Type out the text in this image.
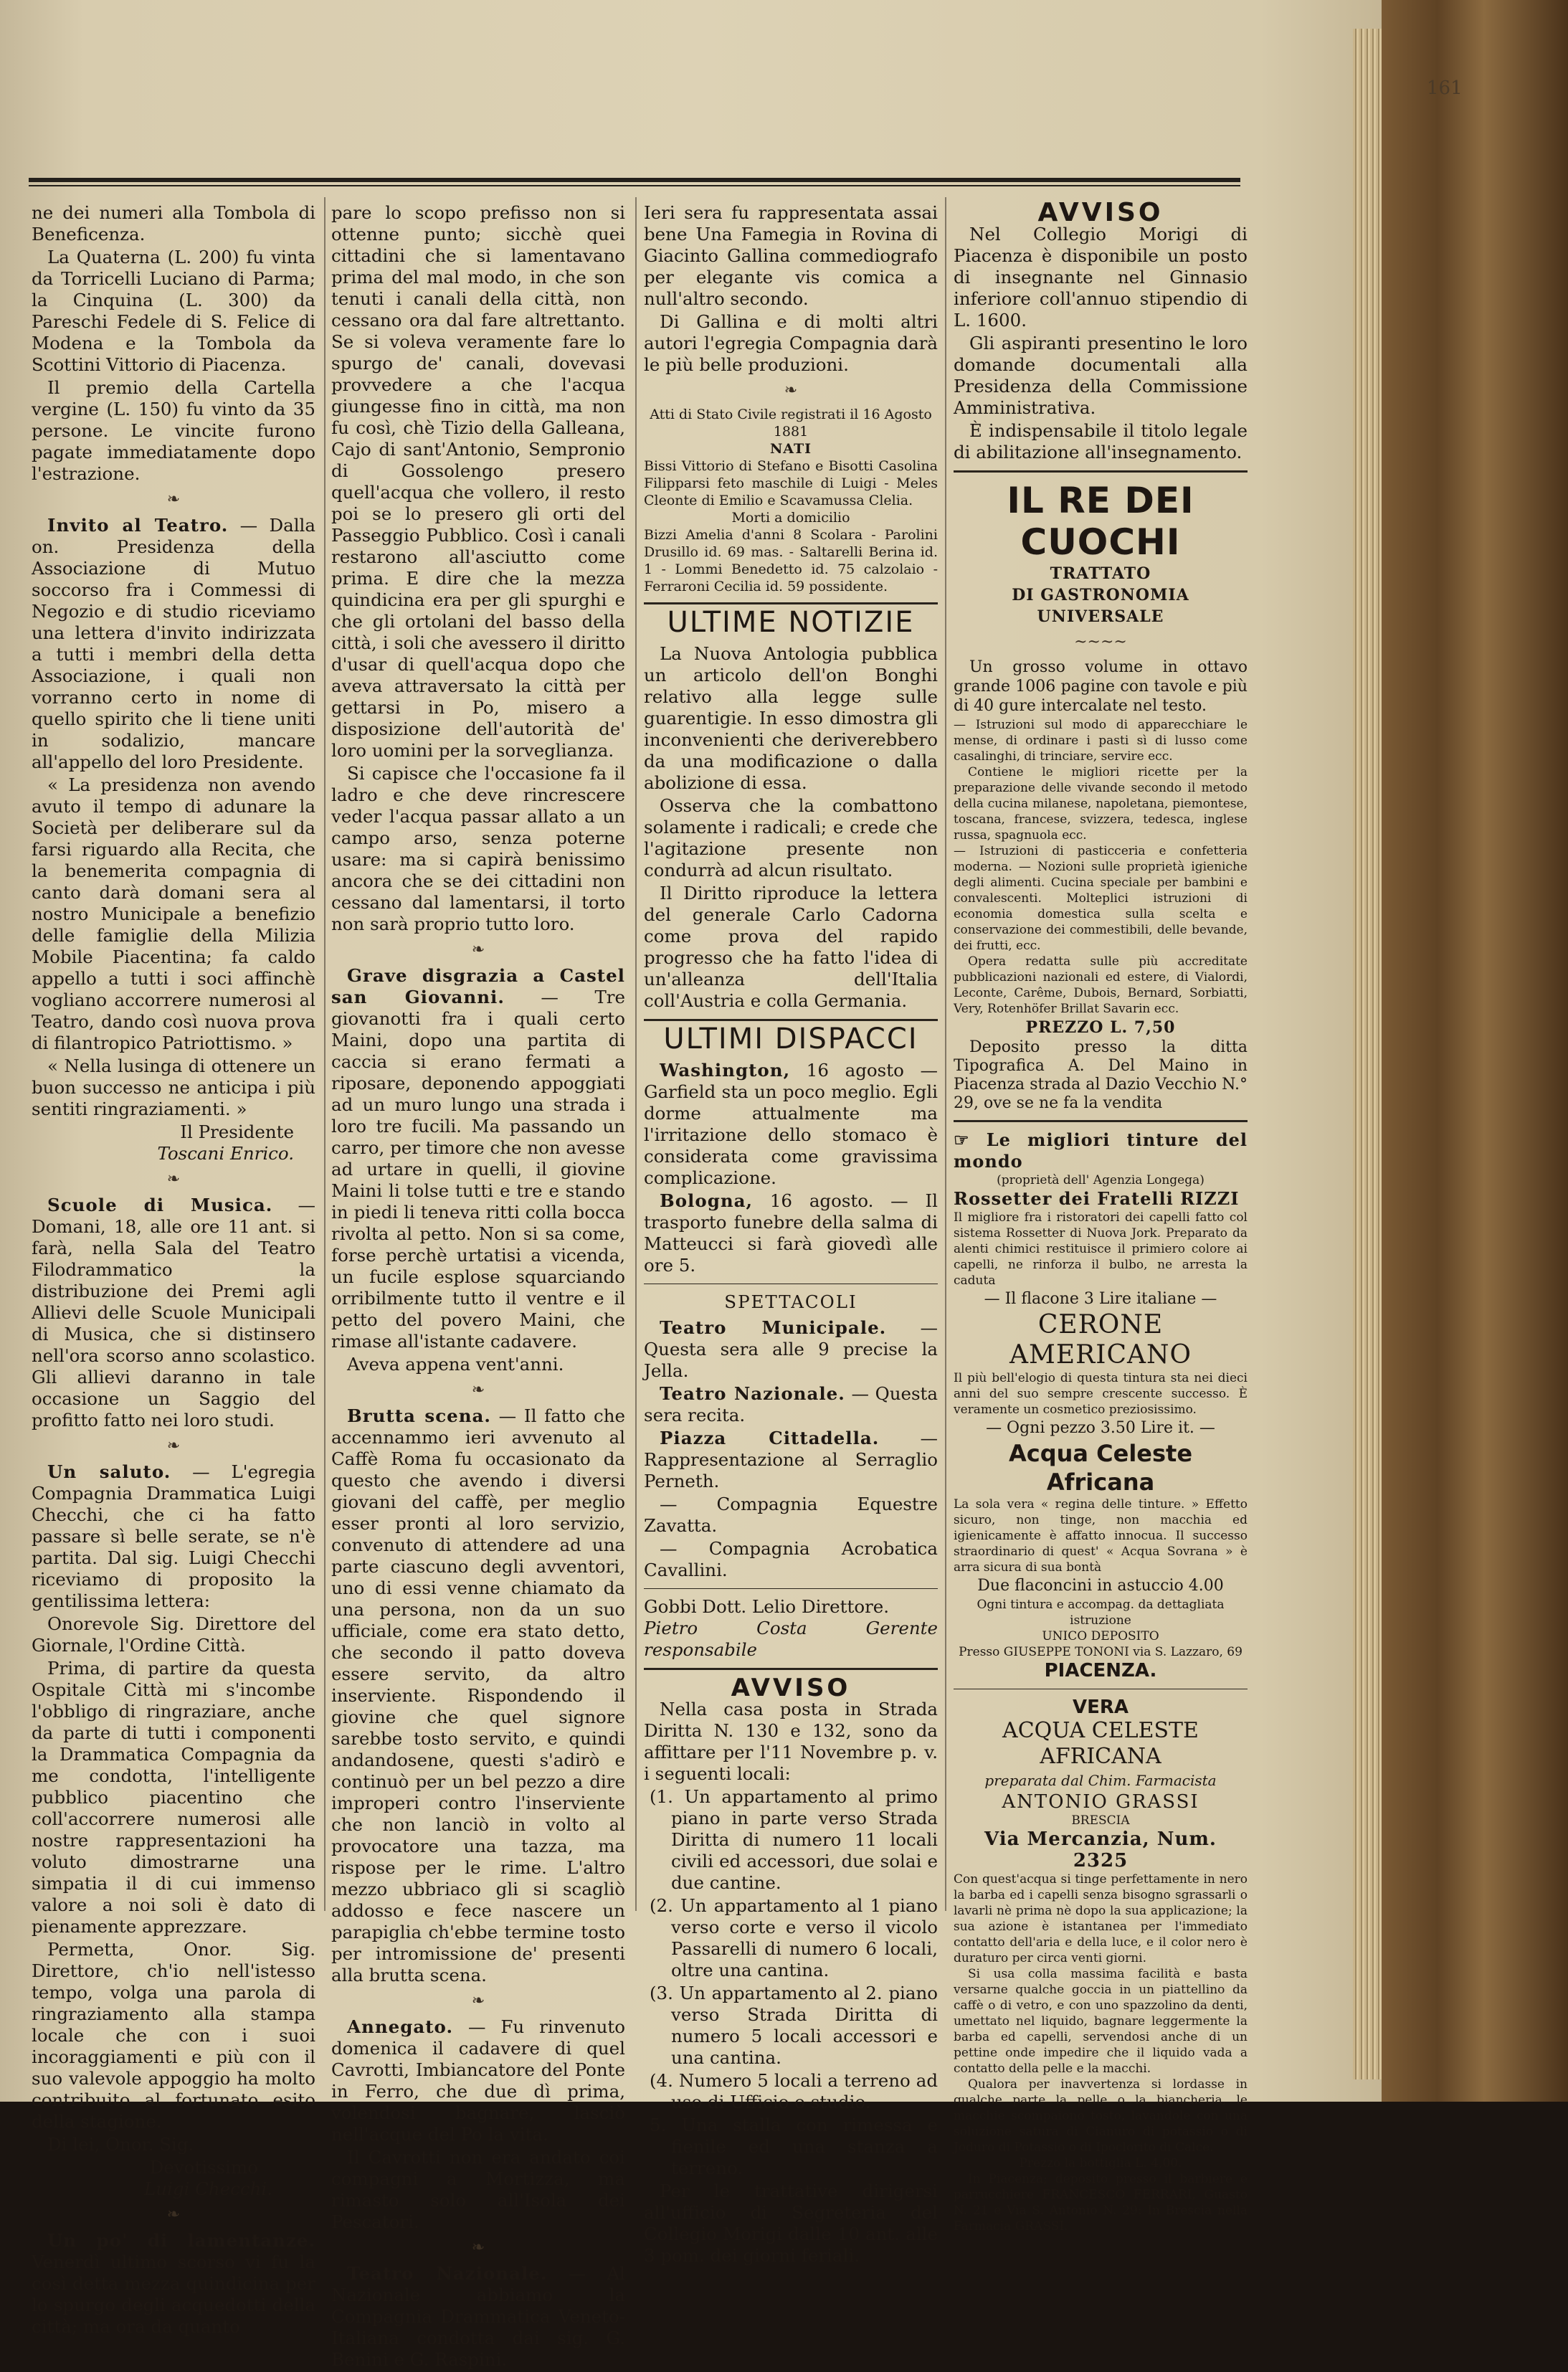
161

ne dei numeri alla Tombola di Beneficenza.

La Quaterna (L. 200) fu vinta da Torricelli Luciano di Parma; la Cinquina (L. 300) da Pareschi Fedele di S. Felice di Modena e la Tombola da Scottini Vittorio di Piacenza.

Il premio della Cartella vergine (L. 150) fu vinto da 35 persone. Le vincite furono pagate immediatamente dopo l'estrazione.

❧

Invito al Teatro. — Dalla on. Presidenza della Associazione di Mutuo soccorso fra i Commessi di Negozio e di studio riceviamo una lettera d'invito indirizzata a tutti i membri della detta Associazione, i quali non vorranno certo in nome di quello spirito che li tiene uniti in sodalizio, mancare all'appello del loro Presidente.

« La presidenza non avendo avuto il tempo di adunare la Società per deliberare sul da farsi riguardo alla Recita, che la benemerita compagnia di canto darà domani sera al nostro Municipale a benefizio delle famiglie della Milizia Mobile Piacentina; fa caldo appello a tutti i soci affinchè vogliano accorrere numerosi al Teatro, dando così nuova prova di filantropico Patriottismo. »

« Nella lusinga di ottenere un buon successo ne anticipa i più sentiti ringraziamenti. »

Il Presidente
Toscani Enrico.
❧

Scuole di Musica. — Domani, 18, alle ore 11 ant. si farà, nella Sala del Teatro Filodrammatico la distribuzione dei Premi agli Allievi delle Scuole Municipali di Musica, che si distinsero nell'ora scorso anno scolastico. Gli allievi daranno in tale occasione un Saggio del profitto fatto nei loro studi.

❧

Un saluto. — L'egregia Compagnia Drammatica Luigi Checchi, che ci ha fatto passare sì belle serate, se n'è partita. Dal sig. Luigi Checchi riceviamo di proposito la gentilissima lettera:

Onorevole Sig. Direttore del Giornale, l'Ordine Città.

Prima, di partire da questa Ospitale Città mi s'incombe l'obbligo di ringraziare, anche da parte di tutti i componenti la Drammatica Compagnia da me condotta, l'intelligente pubblico piacentino che coll'accorrere numerosi alle nostre rappresentazioni ha voluto dimostrarne una simpatia il di cui immenso valore a noi soli è dato di pienamente apprezzare.

Permetta, Onor. Sig. Direttore, ch'io nell'istesso tempo, volga una parola di ringraziamento alla stampa locale che con i suoi incoraggiamenti e più con il suo valevole appoggio ha molto contribuito al fortunato esito della stagione.

Di lei, Onor. Sig.

Devotissimo
Luigi Checchi.
❧

Un po' di lamentanze. Venerdì ultimo scorso vi fu la così detta mezza quindicina per lo spurgo degli acquedotti della città; ma ora da quanto

pare lo scopo prefisso non si ottenne punto; sicchè quei cittadini che si lamentavano prima del mal modo, in che son tenuti i canali della città, non cessano ora dal fare altrettanto. Se si voleva veramente fare lo spurgo de' canali, dovevasi provvedere a che l'acqua giungesse fino in città, ma non fu così, chè Tizio della Galleana, Cajo di sant'Antonio, Sempronio di Gossolengo presero quell'acqua che vollero, il resto poi se lo presero gli orti del Passeggio Pubblico. Così i canali restarono all'asciutto come prima. E dire che la mezza quindicina era per gli spurghi e che gli ortolani del basso della città, i soli che avessero il diritto d'usar di quell'acqua dopo che aveva attraversato la città per gettarsi in Po, misero a disposizione dell'autorità de' loro uomini per la sorveglianza.

Si capisce che l'occasione fa il ladro e che deve rincrescere veder l'acqua passar allato a un campo arso, senza poterne usare: ma si capirà benissimo ancora che se dei cittadini non cessano dal lamentarsi, il torto non sarà proprio tutto loro.

❧

Grave disgrazia a Castel san Giovanni. — Tre giovanotti fra i quali certo Maini, dopo una partita di caccia si erano fermati a riposare, deponendo appoggiati ad un muro lungo una strada i loro tre fucili. Ma passando un carro, per timore che non avesse ad urtare in quelli, il giovine Maini li tolse tutti e tre e stando in piedi li teneva ritti colla bocca rivolta al petto. Non si sa come, forse perchè urtatisi a vicenda, un fucile esplose squarciando orribilmente tutto il ventre e il petto del povero Maini, che rimase all'istante cadavere.

Aveva appena vent'anni.

❧

Brutta scena. — Il fatto che accennammo ieri avvenuto al Caffè Roma fu occasionato da questo che avendo i diversi giovani del caffè, per meglio esser pronti al loro servizio, convenuto di attendere ad una parte ciascuno degli avventori, uno di essi venne chiamato da una persona, non da un suo ufficiale, come era stato detto, che secondo il patto doveva essere servito, da altro inserviente. Rispondendo il giovine che quel signore sarebbe tosto servito, e quindi andandosene, questi s'adirò e continuò per un bel pezzo a dire improperi contro l'inserviente che non lanciò in volto al provocatore una tazza, ma rispose per le rime. L'altro mezzo ubbriaco gli si scagliò addosso e fece nascere un parapiglia ch'ebbe termine tosto per intromissione de' presenti alla brutta scena.

❧

Annegato. — Fu rinvenuto domenica il cadavere di quel Cavrotti, Imbiancatore del Ponte in Ferro, che due dì prima, volendosi bagnare, lasciò nell'acque del Po la vita.

Il Cavrotti non era andato coi compagni a Mortizza, ma rimasto solo all'Isola dei Pescatori.

❧

Teatro Nazionale. — Al Nazionale abbiamo la Compagnia Drammatica Veneto-Italiana condotta dai sig. G. Benini e G. Raspini.

Ieri sera fu rappresentata assai bene Una Famegia in Rovina di Giacinto Gallina commediografo per elegante vis comica a null'altro secondo.

Di Gallina e di molti altri autori l'egregia Compagnia darà le più belle produzioni.

❧
Atti di Stato Civile registrati il 16 Agosto 1881
NATI
Bissi Vittorio di Stefano e Bisotti Casolina Filipparsi feto maschile di Luigi - Meles Cleonte di Emilio e Scavamussa Clelia.
Morti a domicilio
Bizzi Amelia d'anni 8 Scolara - Parolini Drusillo id. 69 mas. - Saltarelli Berina id. 1 - Lommi Benedetto id. 75 calzolaio - Ferraroni Cecilia id. 59 possidente.
ULTIME NOTIZIE

La Nuova Antologia pubblica un articolo dell'on Bonghi relativo alla legge sulle guarentigie. In esso dimostra gli inconvenienti che deriverebbero da una modificazione o dalla abolizione di essa.

Osserva che la combattono solamente i radicali; e crede che l'agitazione presente non condurrà ad alcun risultato.

Il Diritto riproduce la lettera del generale Carlo Cadorna come prova del rapido progresso che ha fatto l'idea di un'alleanza dell'Italia coll'Austria e colla Germania.

ULTIMI DISPACCI

Washington, 16 agosto — Garfield sta un poco meglio. Egli dorme attualmente ma l'irritazione dello stomaco è considerata come gravissima complicazione.

Bologna, 16 agosto. — Il trasporto funebre della salma di Matteucci si farà giovedì alle ore 5.

SPETTACOLI

Teatro Municipale. — Questa sera alle 9 precise la Jella.

Teatro Nazionale. — Questa sera recita.

Piazza Cittadella. — Rappresentazione al Serraglio Perneth.

— Compagnia Equestre Zavatta.

— Compagnia Acrobatica Cavallini.

Gobbi Dott. Lelio Direttore.
Pietro Costa Gerente responsabile
AVVISO

Nella casa posta in Strada Diritta N. 130 e 132, sono da affittare per l'11 Novembre p. v. i seguenti locali:

(1. Un appartamento al primo piano in parte verso Strada Diritta di numero 11 locali civili ed accessori, due solai e due cantine.
(2. Un appartamento al 1 piano verso corte e verso il vicolo Passarelli di numero 6 locali, oltre una cantina.
(3. Un appartamento al 2. piano verso Strada Diritta di numero 5 locali accessori e una cantina.
(4. Numero 5 locali a terreno ad uso di Ufficio o studio.
5. Una stalla con rimessa e fienile ed una stanza a terreno.

Per le trattative dirigersi all'ufficio di Segreteria del Collegio Morigi dalle 10 ant. alle 3 pom. dei giorni feriali.

AVVISO

Nel Collegio Morigi di Piacenza è disponibile un posto di insegnante nel Ginnasio inferiore coll'annuo stipendio di L. 1600.

Gli aspiranti presentino le loro domande documentali alla Presidenza della Commissione Amministrativa.

È indispensabile il titolo legale di abilitazione all'insegnamento.

IL RE DEI CUOCHI
TRATTATO
DI GASTRONOMIA UNIVERSALE
~~~~

Un grosso volume in ottavo grande 1006 pagine con tavole e più di 40 gure intercalate nel testo.

— Istruzioni sul modo di apparecchiare le mense, di ordinare i pasti sì di lusso come casalinghi, di trinciare, servire ecc.
Contiene le migliori ricette per la preparazione delle vivande secondo il metodo della cucina milanese, napoletana, piemontese, toscana, francese, svizzera, tedesca, inglese russa, spagnuola ecc.
— Istruzioni di pasticceria e confetteria moderna. — Nozioni sulle proprietà igieniche degli alimenti. Cucina speciale per bambini e convalescenti. Molteplici istruzioni di economia domestica sulla scelta e conservazione dei commestibili, delle bevande, dei frutti, ecc.
Opera redatta sulle più accreditate pubblicazioni nazionali ed estere, di Vialordi, Leconte, Carême, Dubois, Bernard, Sorbiatti, Very, Rotenhöfer Brillat Savarin ecc.
PREZZO L. 7,50

Deposito presso la ditta Tipografica A. Del Maino in Piacenza strada al Dazio Vecchio N.° 29, ove se ne fa la vendita

☞ Le migliori tinture del mondo
(proprietà dell' Agenzia Longega)
Rossetter dei Fratelli RIZZI
Il migliore fra i ristoratori dei capelli fatto col sistema Rossetter di Nuova Jork. Preparato da alenti chimici restituisce il primiero colore ai capelli, ne rinforza il bulbo, ne arresta la caduta
— Il flacone 3 Lire italiane —
CERONE AMERICANO
Il più bell'elogio di questa tintura sta nei dieci anni del suo sempre crescente successo. È veramente un cosmetico preziosissimo.
— Ogni pezzo 3.50 Lire it. —
Acqua Celeste Africana
La sola vera « regina delle tinture. » Effetto sicuro, non tinge, non macchia ed igienicamente è affatto innocua. Il successo straordinario di quest' « Acqua Sovrana » è arra sicura di sua bontà
Due flaconcini in astuccio 4.00
Ogni tintura e accompag. da dettagliata istruzione
UNICO DEPOSITO
Presso GIUSEPPE TONONI via S. Lazzaro, 69
PIACENZA.
VERA
ACQUA CELESTE AFRICANA
preparata dal Chim. Farmacista
ANTONIO GRASSI
BRESCIA
Via Mercanzia, Num. 2325
Con quest'acqua si tinge perfettamente in nero la barba ed i capelli senza bisogno sgrassarli o lavarli nè prima nè dopo la sua applicazione; la sua azione è istantanea per l'immediato contatto dell'aria e della luce, e il color nero è duraturo per circa venti giorni.
Si usa colla massima facilità e basta versarne qualche goccia in un piattellino da caffè o di vetro, e con uno spazzolino da denti, umettato nel liquido, bagnare leggermente la barba ed capelli, servendosi anche di un pettine onde impedire che il liquido vada a contatto della pelle e la macchi.
Qualora per inavvertenza si lordasse in qualche parte la pelle o la biancheria, le macchie scompaiono tosto, lavandole con una soluzione satura di Cianuro di potassio o di Joduro di Potassio o di Ipoclorito di Calce.
Prezzo la bottiglia L. 4,00.
In Piacenza; deposito presso il barbiere e parrucchiere FRANCESCO FERRARI, Guasto N. 21 e Via S. Antonio N. 29: In Brescia nella Farmacia GRASSI.
